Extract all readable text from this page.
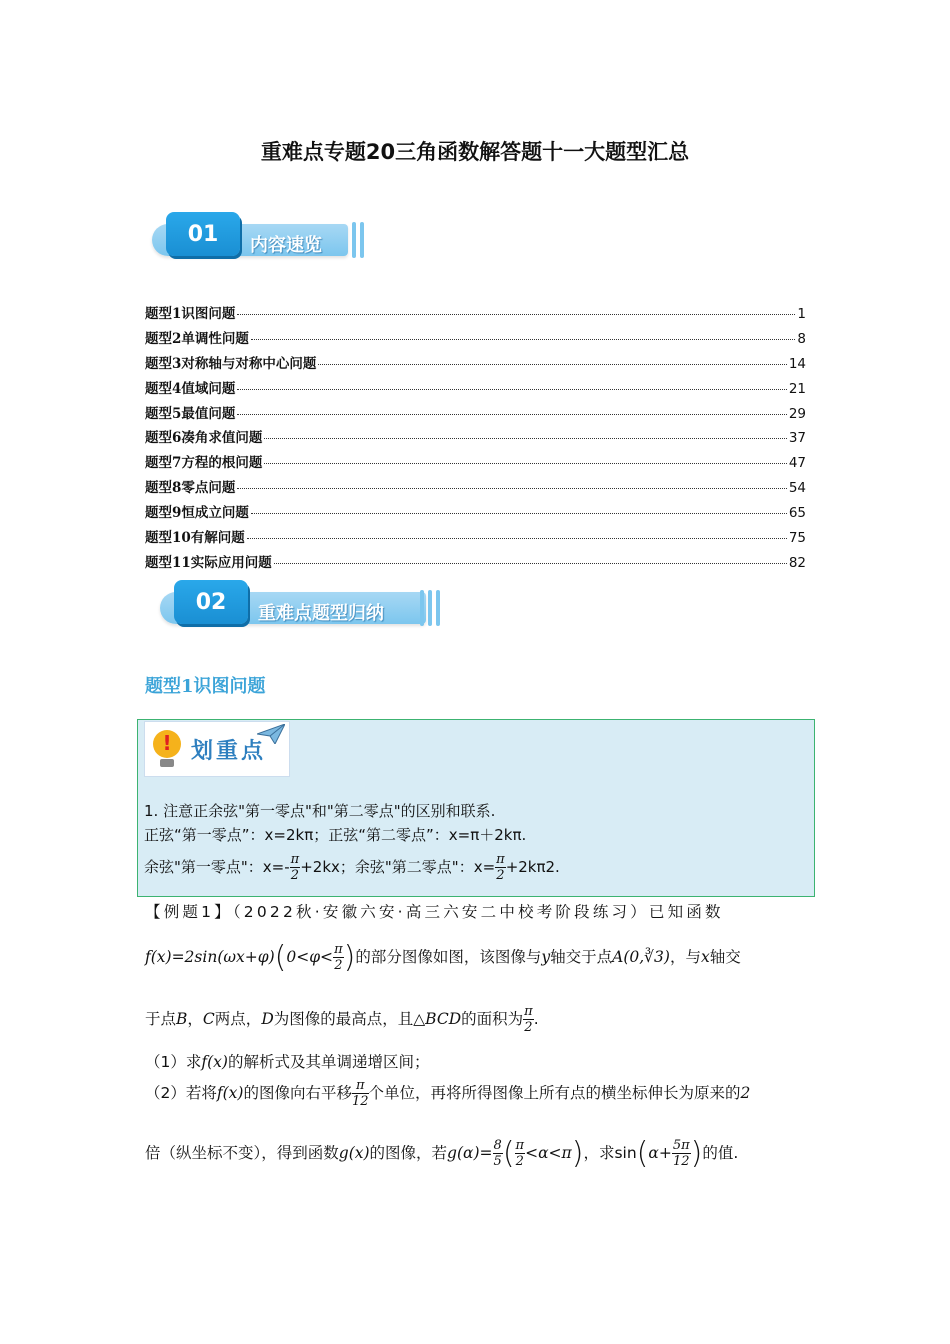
重难点专题20三角函数解答题十一大题型汇总
01	内容速览
题型1识图问题	1
题型2单调性问题	8
题型3对称轴与对称中心问题	14
题型4值域问题	21
题型5最值问题	29
题型6凑角求值问题	37
题型7方程的根问题	47
题型8零点问题	54
题型9恒成立问题	65
题型10有解问题	75
题型11实际应用问题	82
02	重难点题型归纳
题型1识图问题
!
划重点
1. 注意正余弦"第一零点"和"第二零点"的区别和联系.
正弦“第一零点”：x=2kπ；正弦“第二零点”：x=π＋2kπ.
余弦"第一零点"：$x=- \frac{\pi}{2} +2kx$；余弦"第二零点"：$x= \frac{\pi}{2} +2k\pi 2$.
【例题1】（2022秋·安徽六安·高三六安二中校考阶段练习）已知函数
$f(x)=2\sin(\omega x+\varphi)(0<\varphi< \frac{\pi}{2}$ )的部分图像如图，该图像与y轴交于点A(0,∛3)，与x轴交
于点B，C两点，D为图像的最高点，且△BCD的面积为 $\frac{\pi}{2}$ .
（1）求f(x)的解析式及其单调递增区间；
（2）若将f(x)的图像向右平移 $\frac{\pi}{12}$ 个单位，再将所得图像上所有点的横坐标伸长为原来的2
倍（纵坐标不变），得到函数g(x)的图像，若$g(\alpha)= \frac{8}{5}$ ( $\frac{\pi}{2} <\alpha<\pi$)，求$\sin(\alpha+ \frac{5\pi}{12}$ )的值.
